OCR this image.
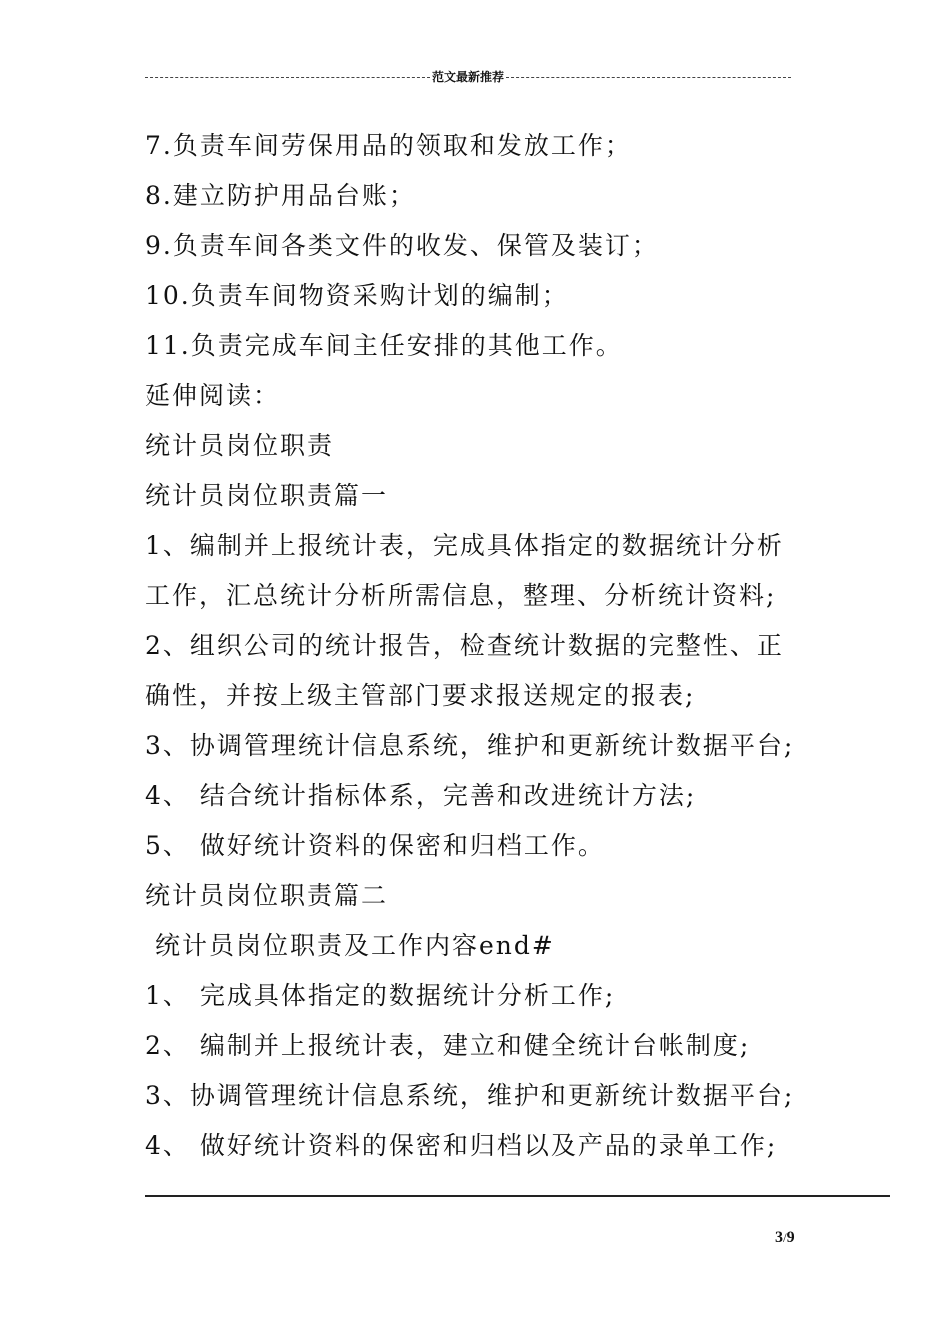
范文最新推荐
7.负责车间劳保用品的领取和发放工作；
8.建立防护用品台账；
9.负责车间各类文件的收发、保管及装订；
10.负责车间物资采购计划的编制；
11.负责完成车间主任安排的其他工作。
延伸阅读：
统计员岗位职责
统计员岗位职责篇一
1、编制并上报统计表，完成具体指定的数据统计分析
工作，汇总统计分析所需信息，整理、分析统计资料;
2、组织公司的统计报告，检查统计数据的完整性、正
确性，并按上级主管部门要求报送规定的报表;
3、协调管理统计信息系统，维护和更新统计数据平台;
4、 结合统计指标体系，完善和改进统计方法;
5、 做好统计资料的保密和归档工作。
统计员岗位职责篇二
统计员岗位职责及工作内容end#
1、 完成具体指定的数据统计分析工作;
2、 编制并上报统计表，建立和健全统计台帐制度;
3、协调管理统计信息系统，维护和更新统计数据平台;
4、 做好统计资料的保密和归档以及产品的录单工作;
3/9
